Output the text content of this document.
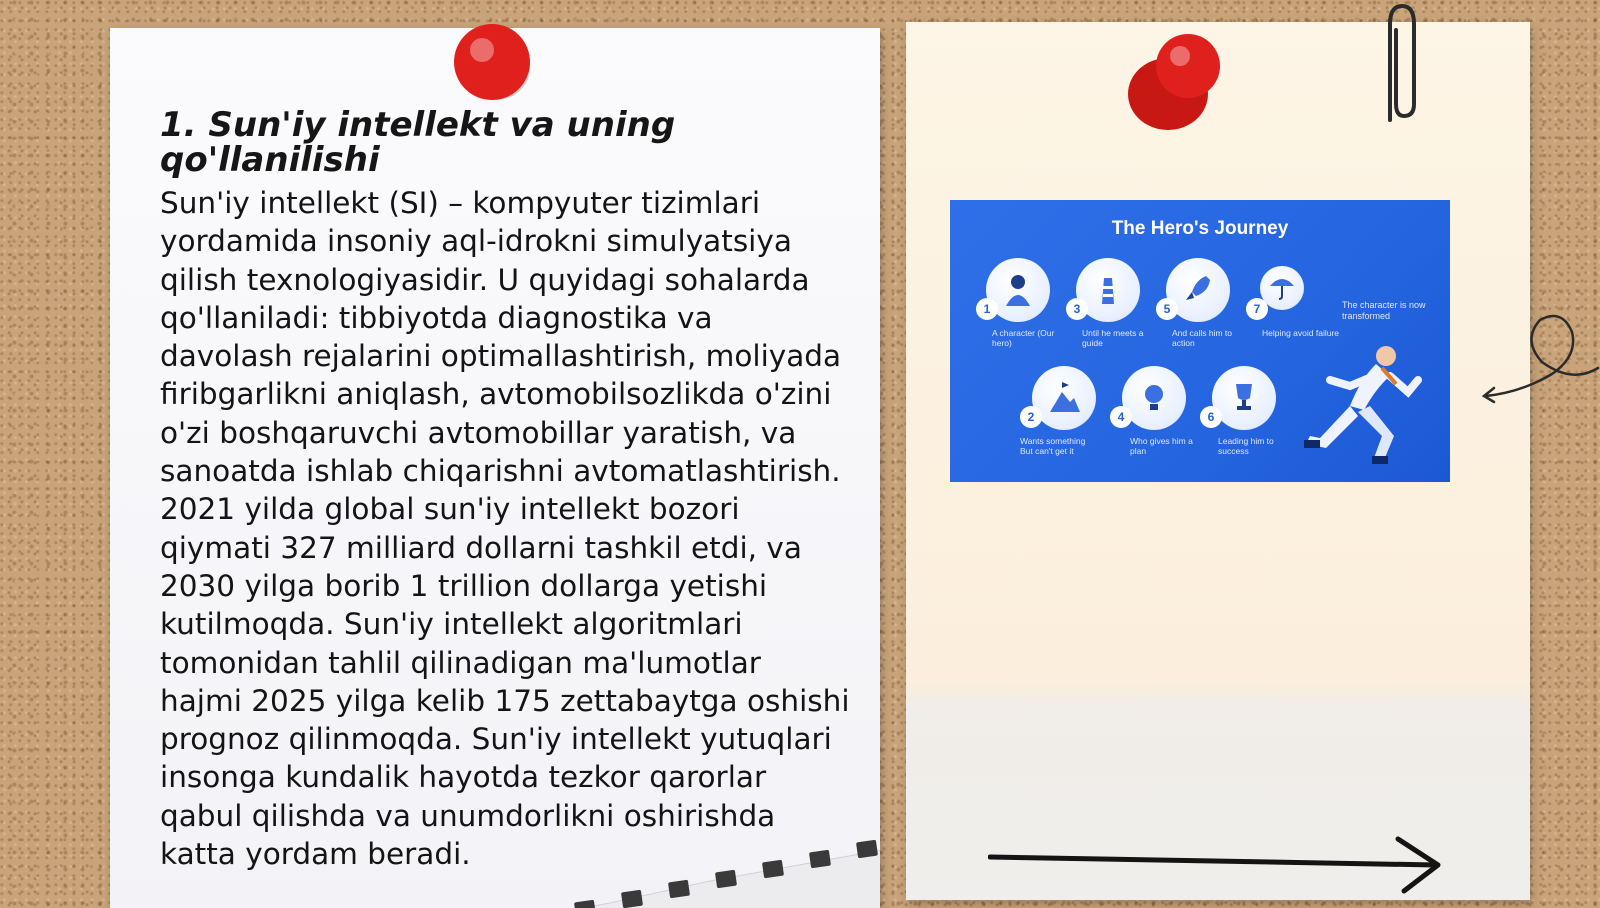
1. Sun'iy intellekt va uning qo'llanilishi

Sun'iy intellekt (SI) – kompyuter tizimlari yordamida insoniy aql-idrokni simulyatsiya qilish texnologiyasidir. U quyidagi sohalarda qo'llaniladi: tibbiyotda diagnostika va davolash rejalarini optimallashtirish, moliyada firibgarlikni aniqlash, avtomobilsozlikda o'zini o'zi boshqaruvchi avtomobillar yaratish, va sanoatda ishlab chiqarishni avtomatlashtirish. 2021 yilda global sun'iy intellekt bozori qiymati 327 milliard dollarni tashkil etdi, va 2030 yilga borib 1 trillion dollarga yetishi kutilmoqda. Sun'iy intellekt algoritmlari tomonidan tahlil qilinadigan ma'lumotlar hajmi 2025 yilga kelib 175 zettabaytga oshishi prognoz qilinmoqda. Sun'iy intellekt yutuqlari insonga kundalik hayotda tezkor qarorlar qabul qilishda va unumdorlikni oshirishda katta yordam beradi.

The Hero's Journey
1
A character (Our hero)
3
Until he meets a guide
5
And calls him to action
7
Helping avoid failure
The character is now transformed
2
Wants something But can't get it
4
Who gives him a plan
6
Leading him to success
